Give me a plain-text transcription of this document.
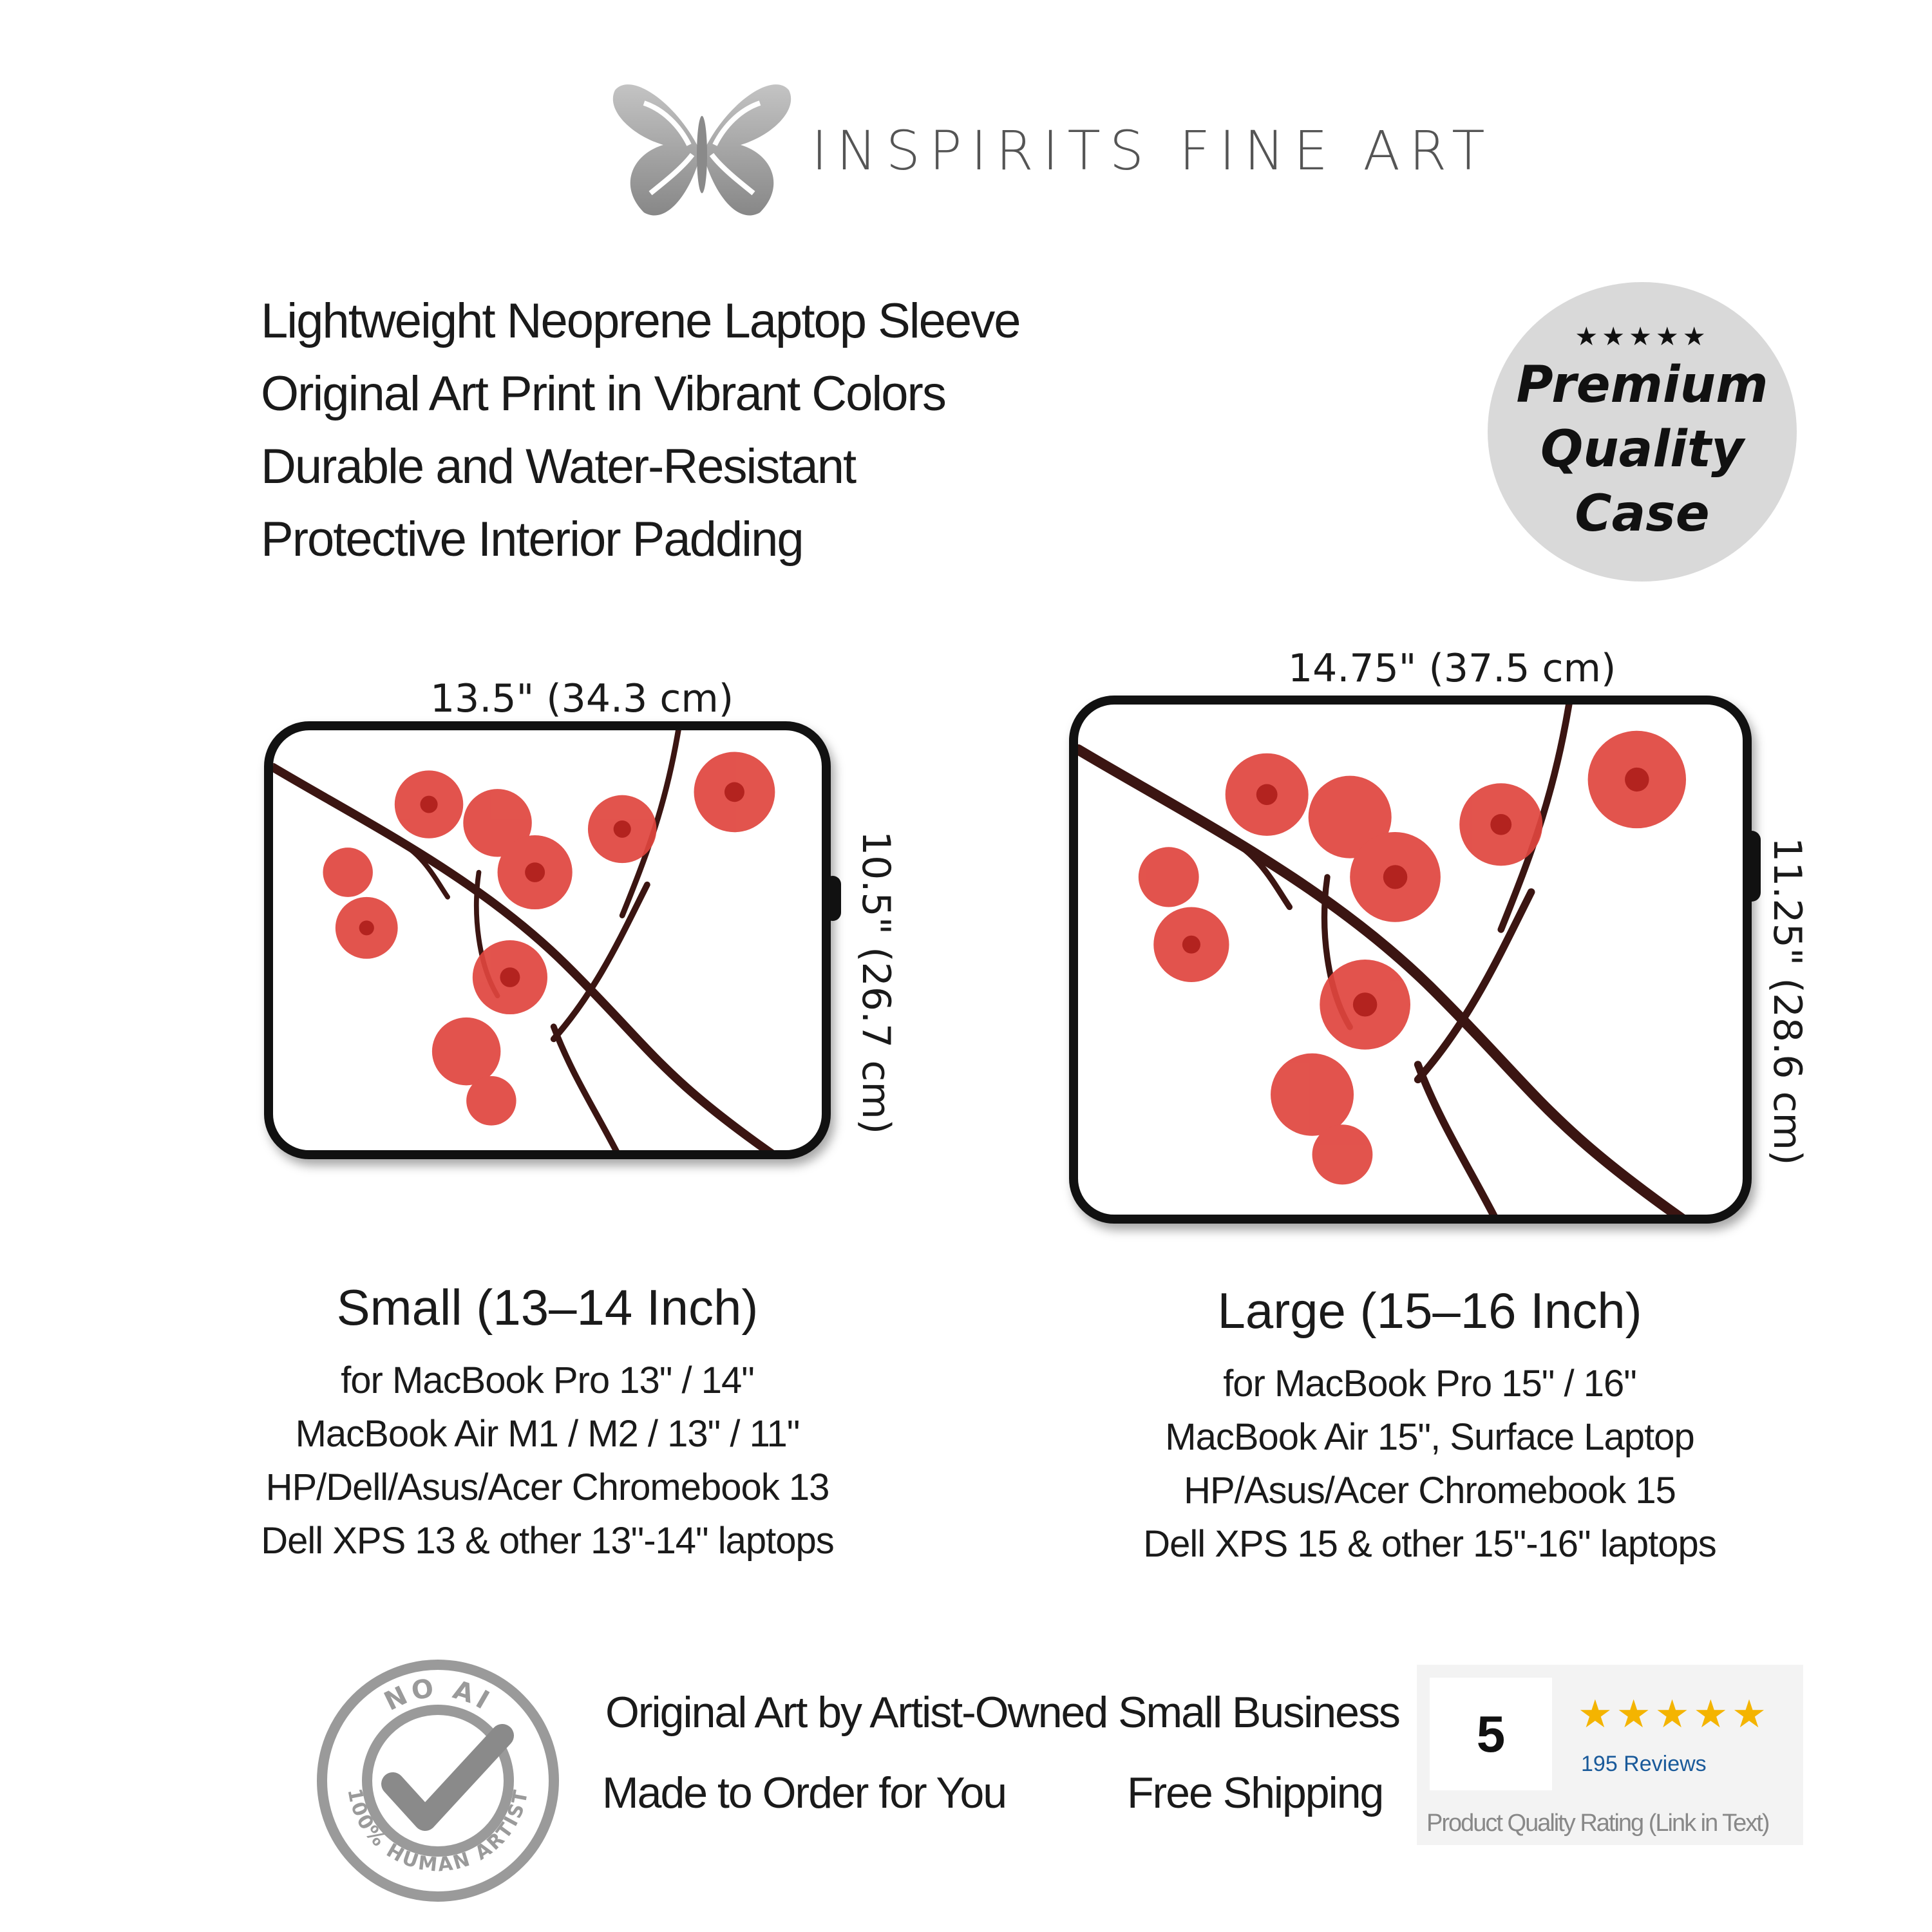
INSPIRITS FINE ART
Lightweight Neoprene Laptop Sleeve
Original Art Print in Vibrant Colors
Durable and Water-Resistant
Protective Interior Padding
★★★★★
Premium
Quality
Case
13.5" (34.3 cm)
10.5" (26.7 cm)
14.75" (37.5 cm)
11.25" (28.6 cm)
Small (13–14 Inch)
for MacBook Pro 13" / 14"
MacBook Air M1 / M2 / 13" / 11"
HP/Dell/Asus/Acer Chromebook 13
Dell XPS 13 & other 13"-14" laptops
Large (15–16 Inch)
for MacBook Pro 15" / 16"
MacBook Air 15", Surface Laptop
HP/Asus/Acer Chromebook 15
Dell XPS 15 & other 15"-16" laptops
NO AI
100% HUMAN ARTIST
Original Art by Artist-Owned Small Business
Made to Order for You	Free Shipping
5	★★★★★
195 Reviews
Product Quality Rating (Link in Text)
